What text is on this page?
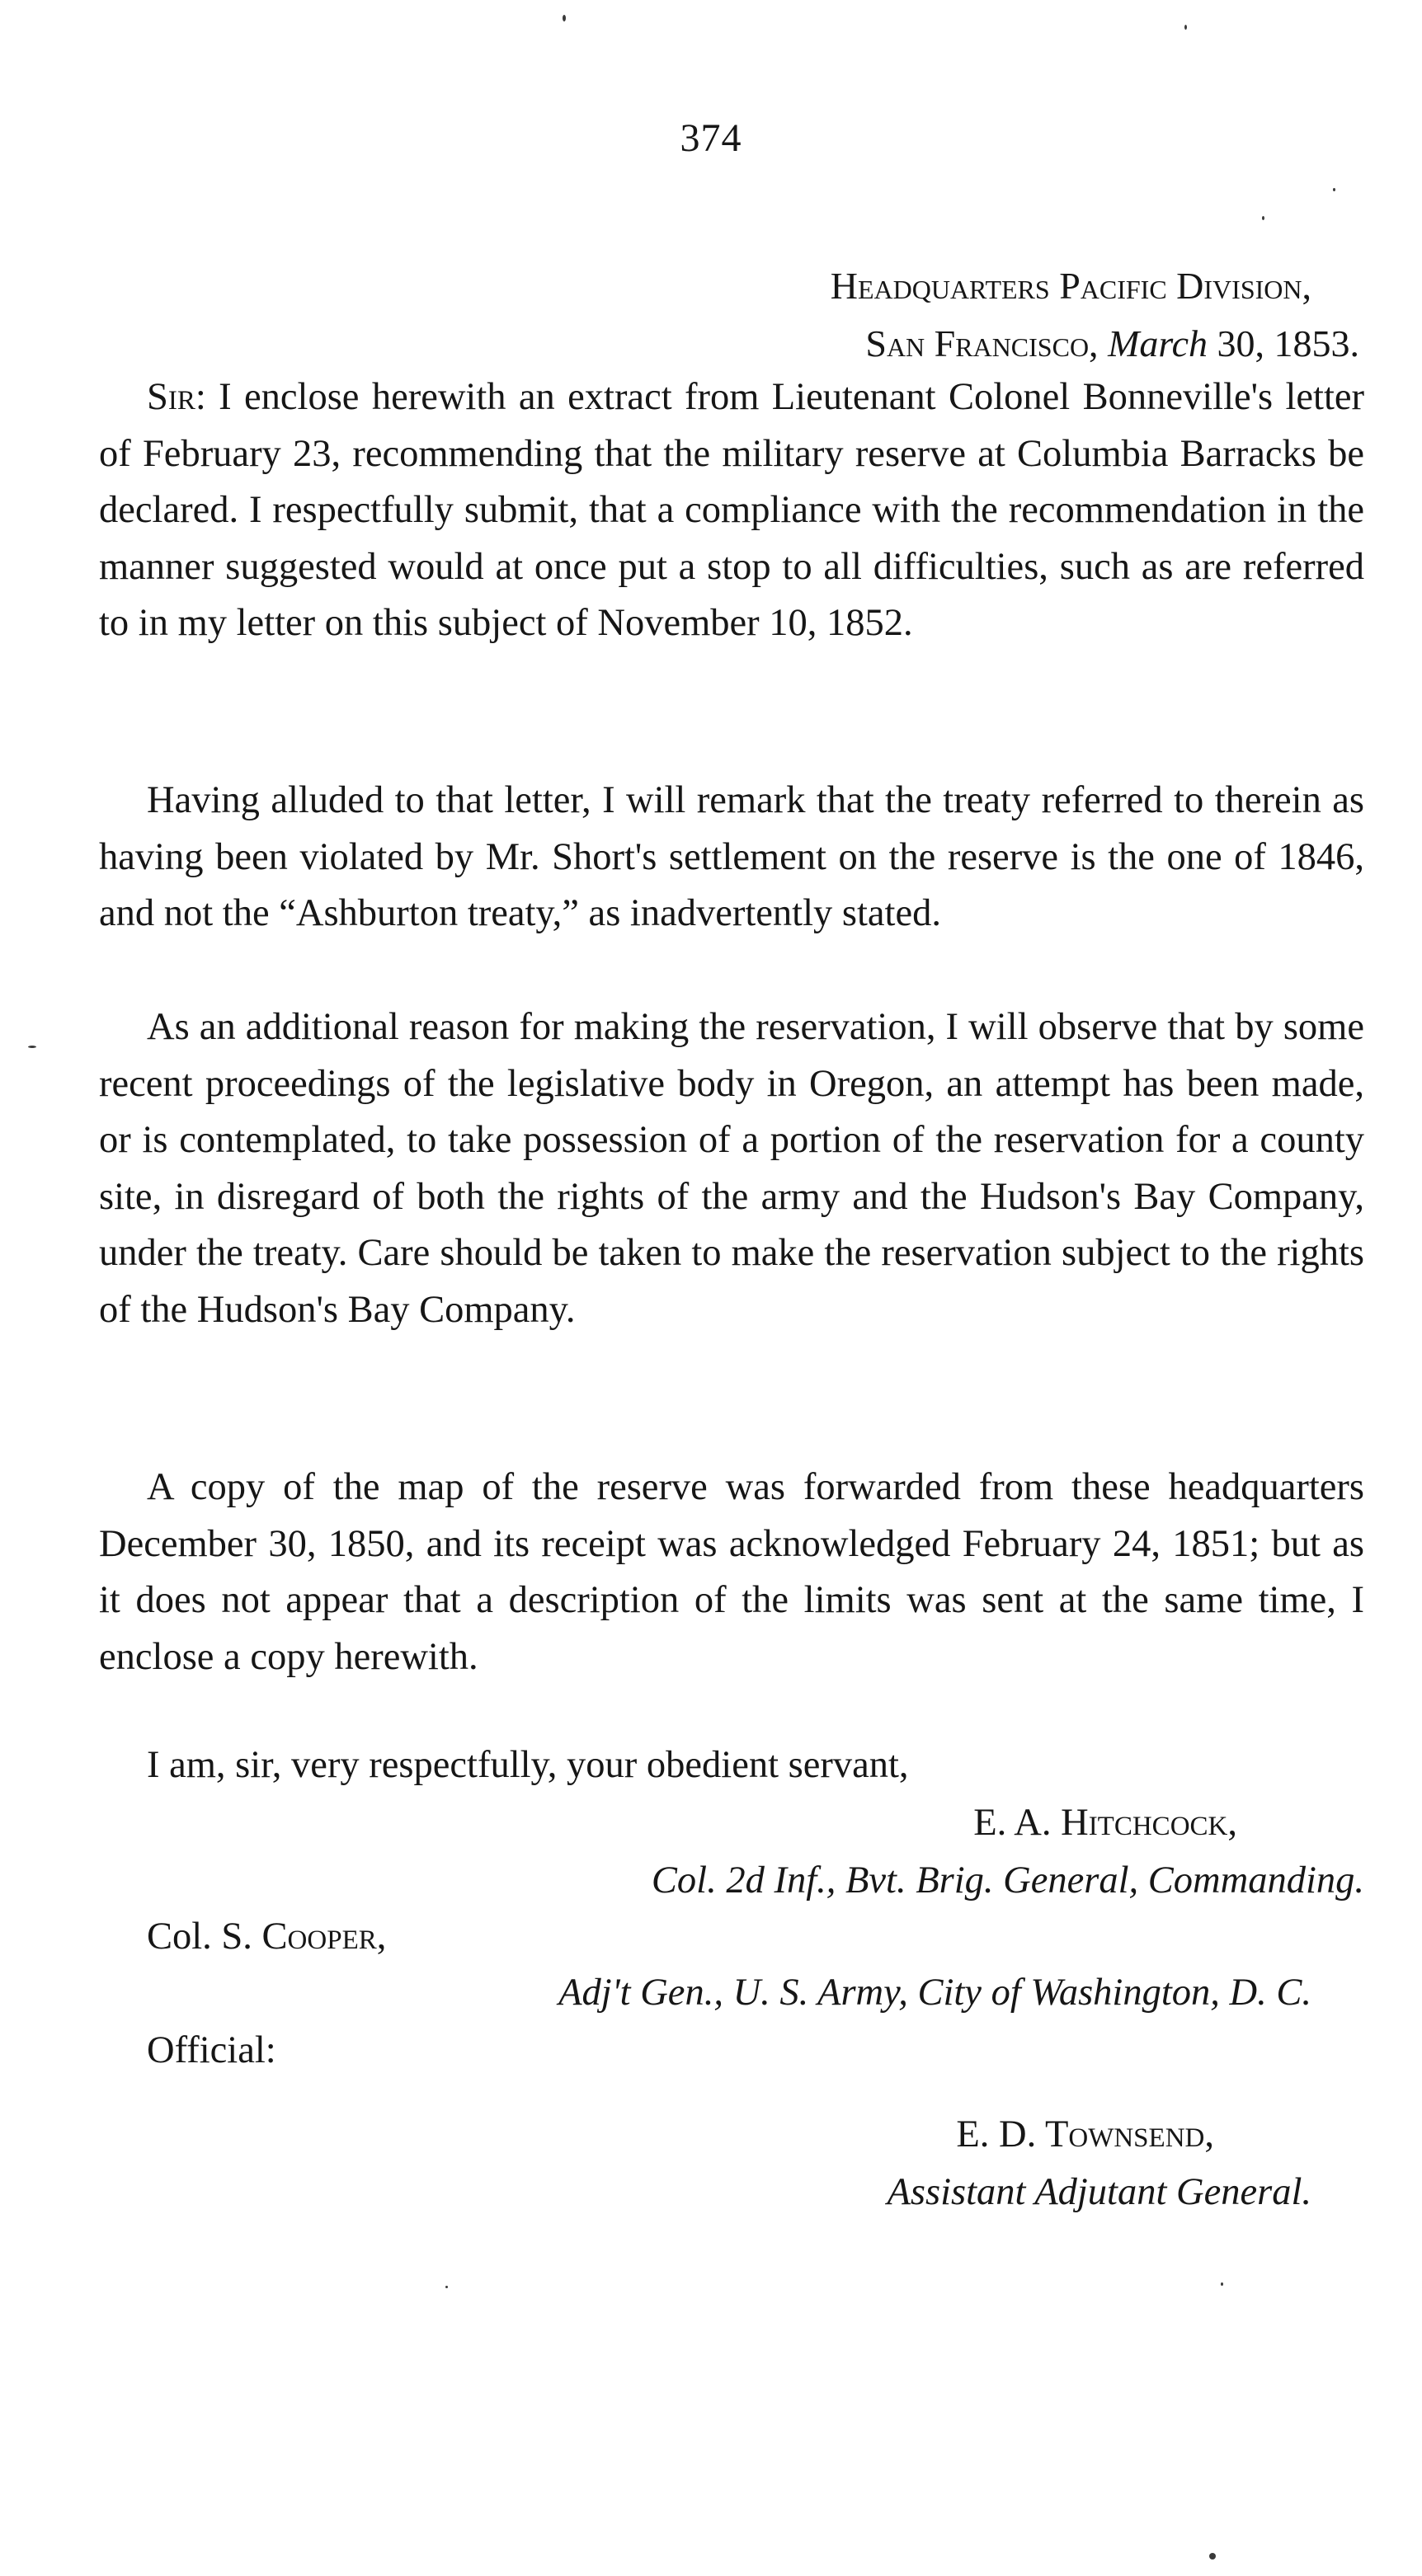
374
Headquarters Pacific Division,
San Francisco, March 30, 1853.

Sir: I enclose herewith an extract from Lieutenant Colonel Bonneville's letter of February 23, recommending that the military reserve at Columbia Barracks be declared. I respectfully submit, that a compliance with the recommendation in the manner suggested would at once put a stop to all difficulties, such as are referred to in my letter on this subject of November 10, 1852.

Having alluded to that letter, I will remark that the treaty referred to therein as having been violated by Mr. Short's settlement on the reserve is the one of 1846, and not the “Ashburton treaty,” as inadvertently stated.

As an additional reason for making the reservation, I will observe that by some recent proceedings of the legislative body in Oregon, an attempt has been made, or is contemplated, to take possession of a portion of the reservation for a county site, in disregard of both the rights of the army and the Hudson's Bay Company, under the treaty. Care should be taken to make the reservation subject to the rights of the Hudson's Bay Company.

A copy of the map of the reserve was forwarded from these headquarters December 30, 1850, and its receipt was acknowledged February 24, 1851; but as it does not appear that a description of the limits was sent at the same time, I enclose a copy herewith.

I am, sir, very respectfully, your obedient servant,
E. A. Hitchcock,
Col. 2d Inf., Bvt. Brig. General, Commanding.
Col. S. Cooper,
Adj't Gen., U. S. Army, City of Washington, D. C.
Official:
E. D. Townsend,
Assistant Adjutant General.
